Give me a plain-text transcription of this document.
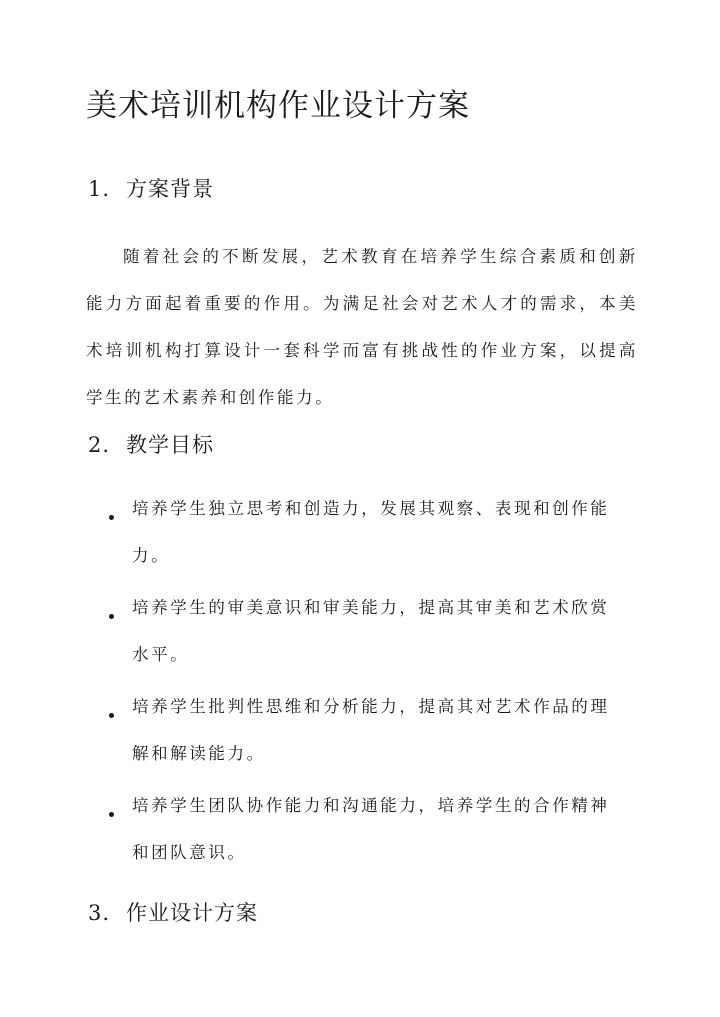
美术培训机构作业设计方案
1. 方案背景

随着社会的不断发展，艺术教育在培养学生综合素质和创新能力方面起着重要的作用。为满足社会对艺术人才的需求，本美术培训机构打算设计一套科学而富有挑战性的作业方案，以提高学生的艺术素养和创作能力。

2. 教学目标

培养学生独立思考和创造力，发展其观察、表现和创作能力。

培养学生的审美意识和审美能力，提高其审美和艺术欣赏水平。

培养学生批判性思维和分析能力，提高其对艺术作品的理解和解读能力。

培养学生团队协作能力和沟通能力，培养学生的合作精神和团队意识。

3. 作业设计方案
